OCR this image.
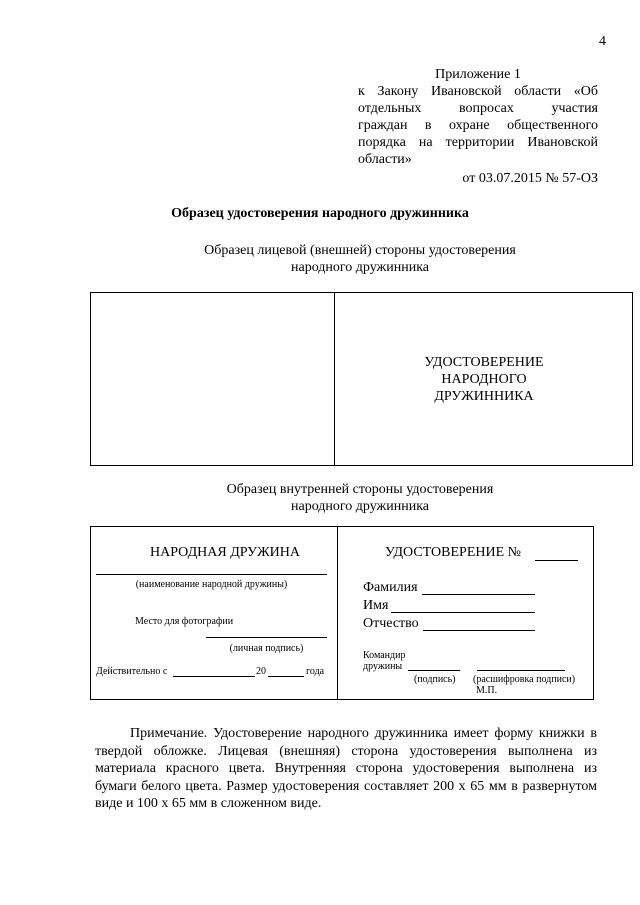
4
Приложение 1
к Закону Ивановской области «Об
отдельных вопросах участия
граждан в охране общественного
порядка на территории Ивановской
области»
от 03.07.2015 № 57-ОЗ
Образец удостоверения народного дружинника
Образец лицевой (внешней) стороны удостоверения
народного дружинника
УДОСТОВЕРЕНИЕ
НАРОДНОГО
ДРУЖИННИКА
Образец внутренней стороны удостоверения
народного дружинника
НАРОДНАЯ ДРУЖИНА
(наименование народной дружины)
Место для фотографии
(личная подпись)
Действительно с	20	года
УДОСТОВЕРЕНИЕ №
Фамилия
Имя
Отчество
Командир
дружины
(подпись) (расшифровка подписи)
М.П.
Примечание. Удостоверение народного дружинника имеет форму книжки в твердой обложке. Лицевая (внешняя) сторона удостоверения выполнена из материала красного цвета. Внутренняя сторона удостоверения выполнена из бумаги белого цвета. Размер удостоверения составляет 200 х 65 мм в развернутом виде и 100 х 65 мм в сложенном виде.
